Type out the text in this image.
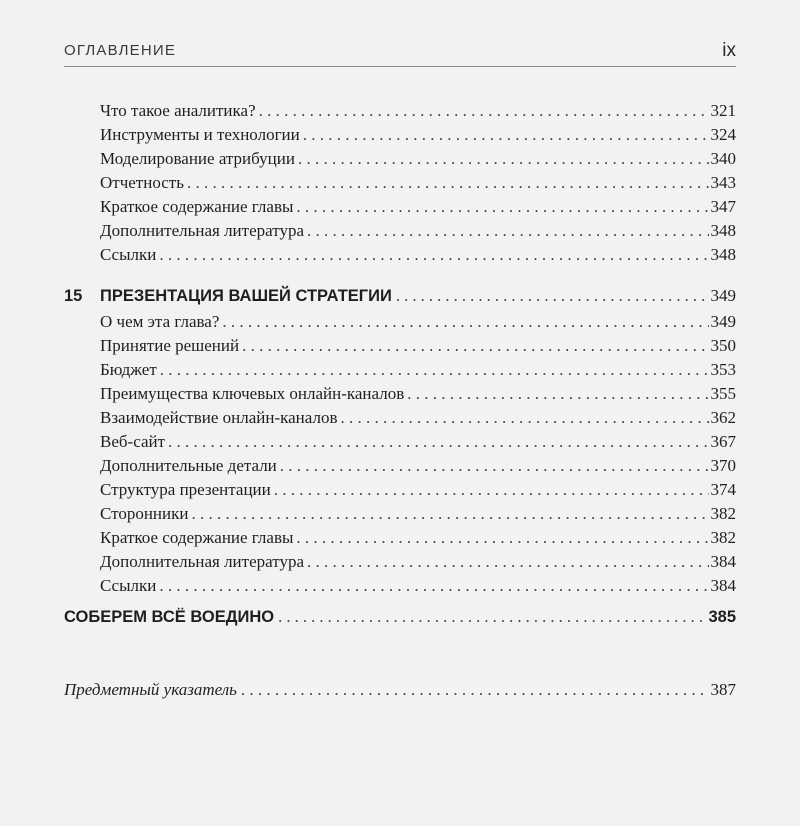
ОГЛАВЛЕНИЕ	ix
Что такое аналитика? . . .	321
Инструменты и технологии . . .	324
Моделирование атрибуции . . .	340
Отчетность . . .	343
Краткое содержание главы . . .	347
Дополнительная литература . . .	348
Ссылки . . .	348
15	ПРЕЗЕНТАЦИЯ ВАШЕЙ СТРАТЕГИИ . . .	349
О чем эта глава? . . .	349
Принятие решений . . .	350
Бюджет . . .	353
Преимущества ключевых онлайн-каналов . . .	355
Взаимодействие онлайн-каналов . . .	362
Веб-сайт . . .	367
Дополнительные детали . . .	370
Структура презентации . . .	374
Сторонники . . .	382
Краткое содержание главы . . .	382
Дополнительная литература . . .	384
Ссылки . . .	384
СОБЕРЕМ ВСЁ ВОЕДИНО . . .	385
Предметный указатель . . .	387
